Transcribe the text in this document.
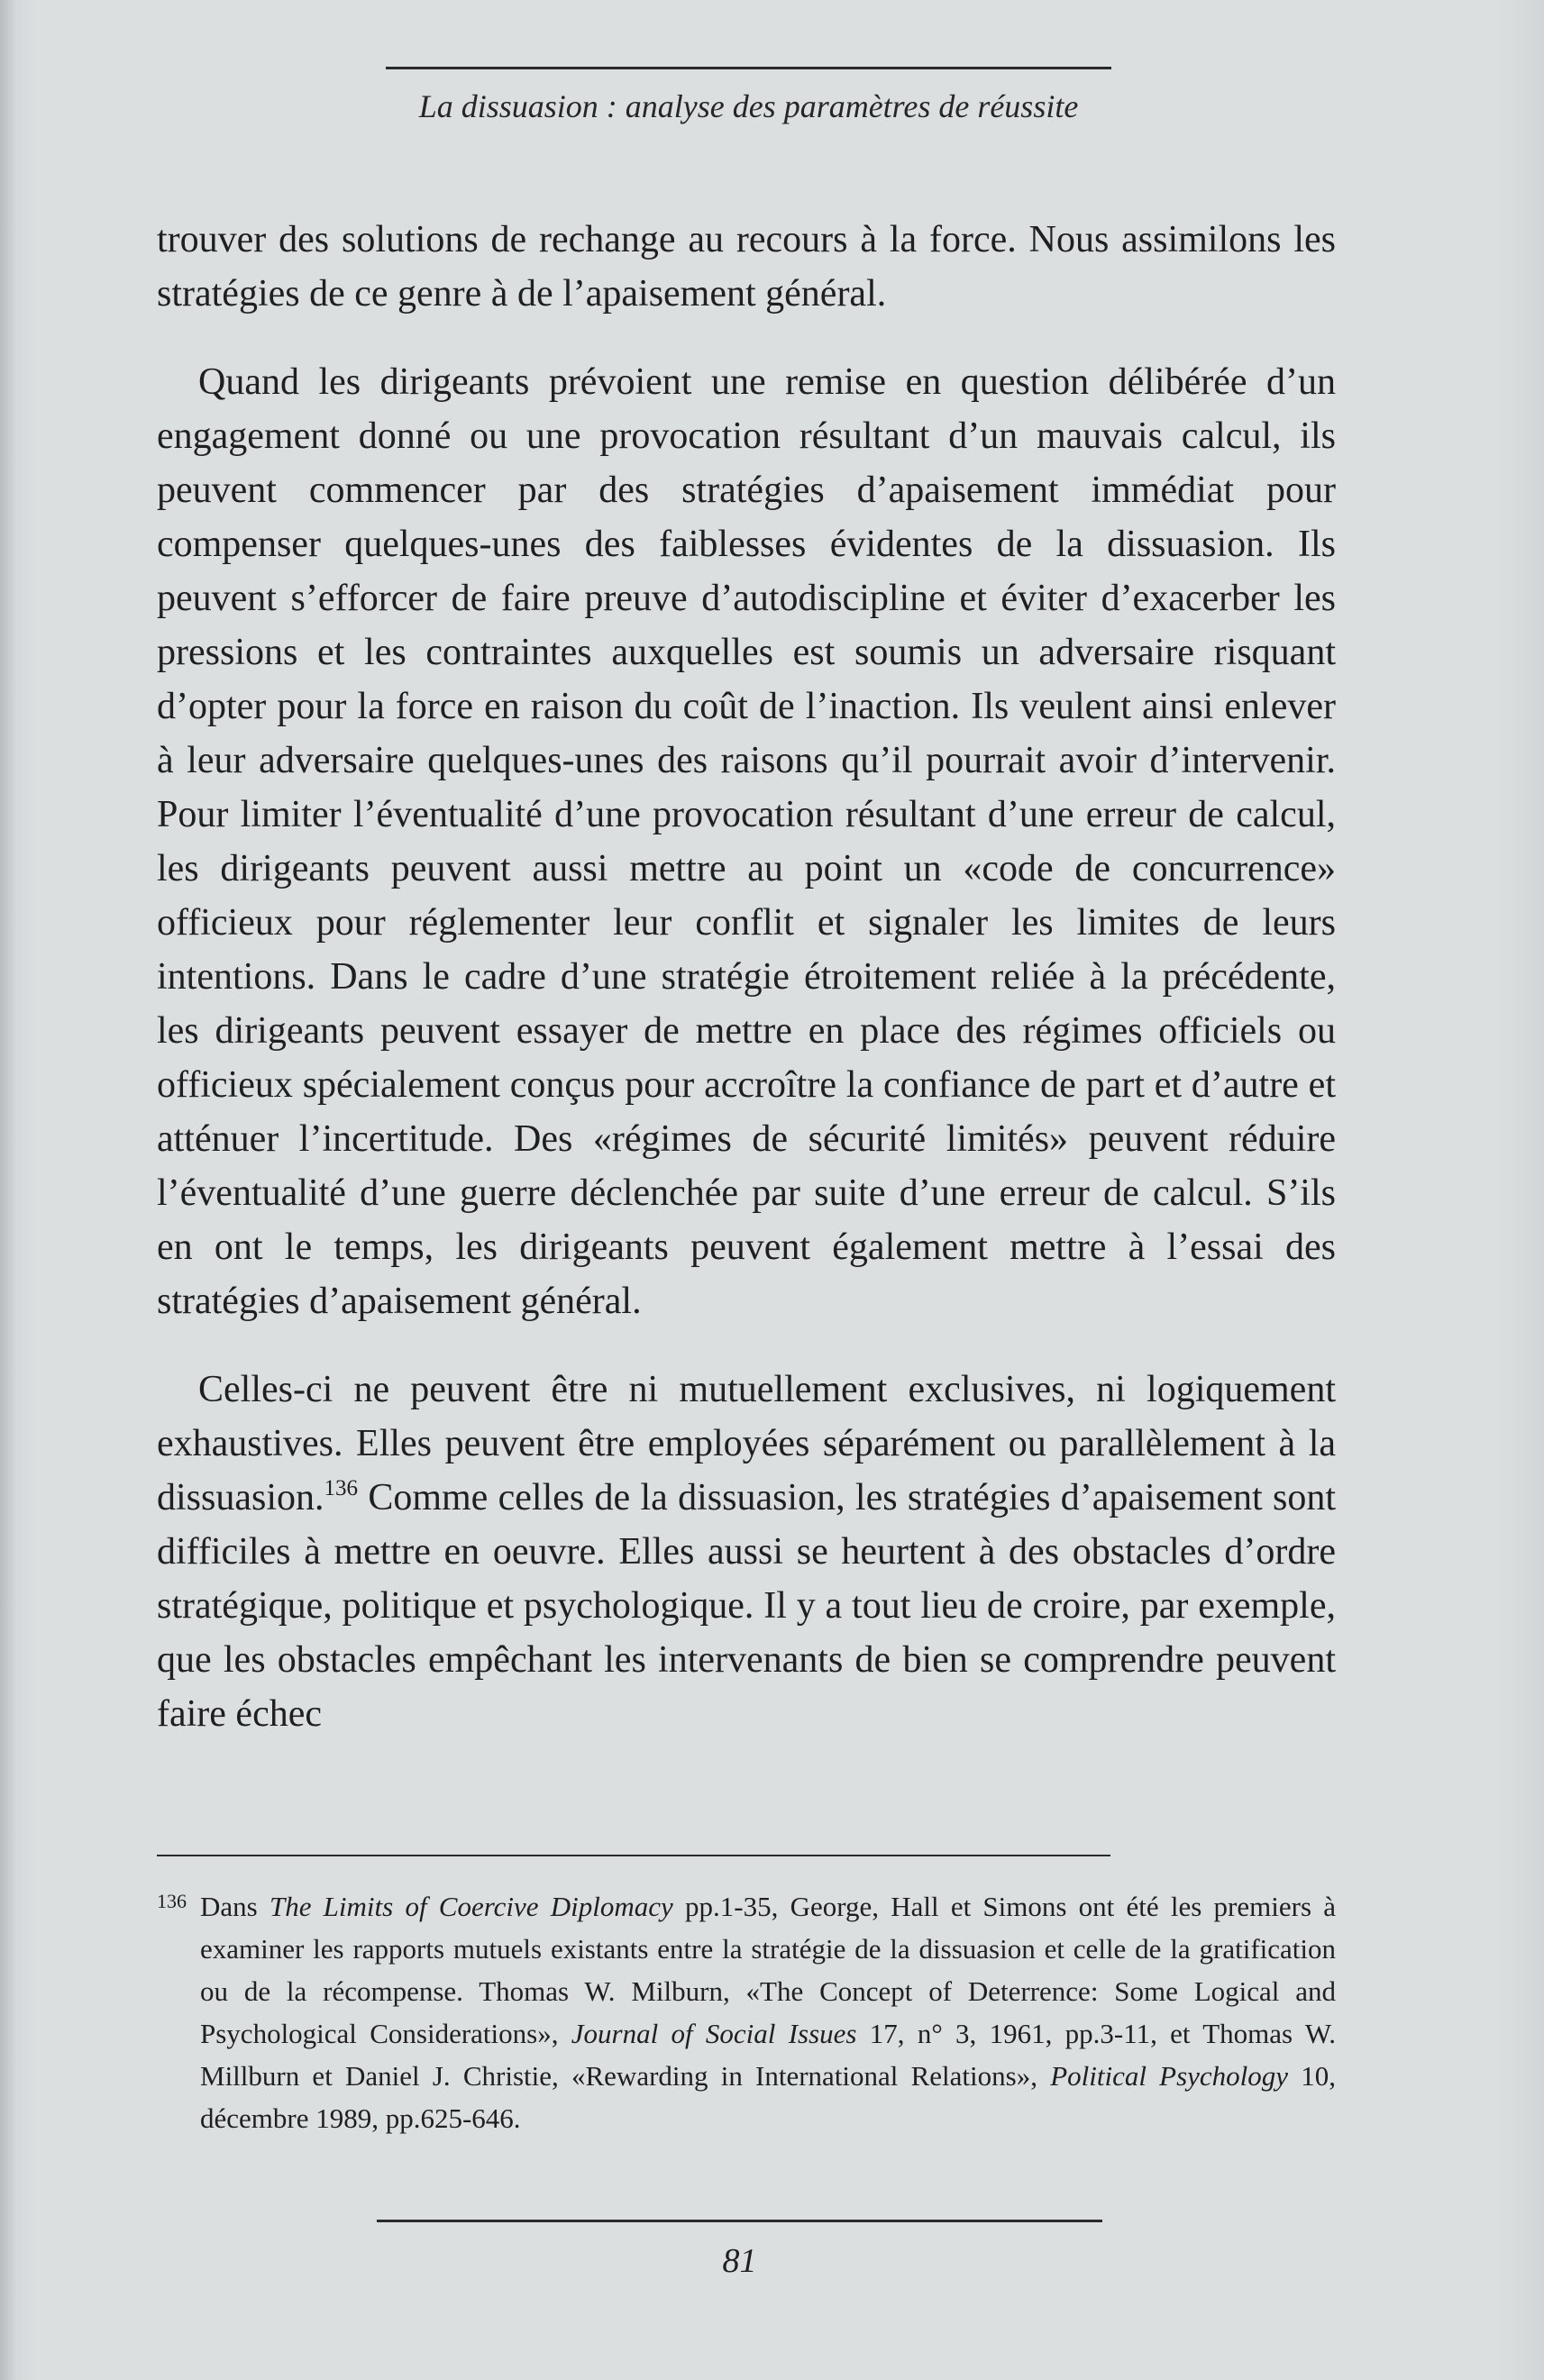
La dissuasion : analyse des paramètres de réussite

trouver des solutions de rechange au recours à la force. Nous assimilons les stratégies de ce genre à de l’apaisement général.

Quand les dirigeants prévoient une remise en question délibérée d’un engagement donné ou une provocation résultant d’un mauvais calcul, ils peuvent commencer par des stratégies d’apaisement immédiat pour compenser quelques-unes des faiblesses évidentes de la dissuasion. Ils peuvent s’efforcer de faire preuve d’autodiscipline et éviter d’exacerber les pressions et les contraintes auxquelles est soumis un adversaire risquant d’opter pour la force en raison du coût de l’inaction. Ils veulent ainsi enlever à leur adversaire quelques-unes des raisons qu’il pourrait avoir d’intervenir. Pour limiter l’éventualité d’une provocation résultant d’une erreur de calcul, les dirigeants peuvent aussi mettre au point un «code de concurrence» officieux pour réglementer leur conflit et signaler les limites de leurs intentions. Dans le cadre d’une stratégie étroitement reliée à la précédente, les dirigeants peuvent essayer de mettre en place des régimes officiels ou officieux spécialement conçus pour accroître la confiance de part et d’autre et atténuer l’incertitude. Des «régimes de sécurité limités» peuvent réduire l’éventualité d’une guerre déclenchée par suite d’une erreur de calcul. S’ils en ont le temps, les dirigeants peuvent également mettre à l’essai des stratégies d’apaisement général.

Celles-ci ne peuvent être ni mutuellement exclusives, ni logiquement exhaustives. Elles peuvent être employées séparément ou parallèlement à la dissuasion.$^{136}$ Comme celles de la dissuasion, les stratégies d’apaisement sont difficiles à mettre en oeuvre. Elles aussi se heurtent à des obstacles d’ordre stratégique, politique et psychologique. Il y a tout lieu de croire, par exemple, que les obstacles empêchant les intervenants de bien se comprendre peuvent faire échec

136 Dans The Limits of Coercive Diplomacy pp.1-35, George, Hall et Simons ont été les premiers à examiner les rapports mutuels existants entre la stratégie de la dissuasion et celle de la gratification ou de la récompense. Thomas W. Milburn, «The Concept of Deterrence: Some Logical and Psychological Considerations», Journal of Social Issues 17, n° 3, 1961, pp.3-11, et Thomas W. Millburn et Daniel J. Christie, «Rewarding in International Relations», Political Psychology 10, décembre 1989, pp.625-646.
81
